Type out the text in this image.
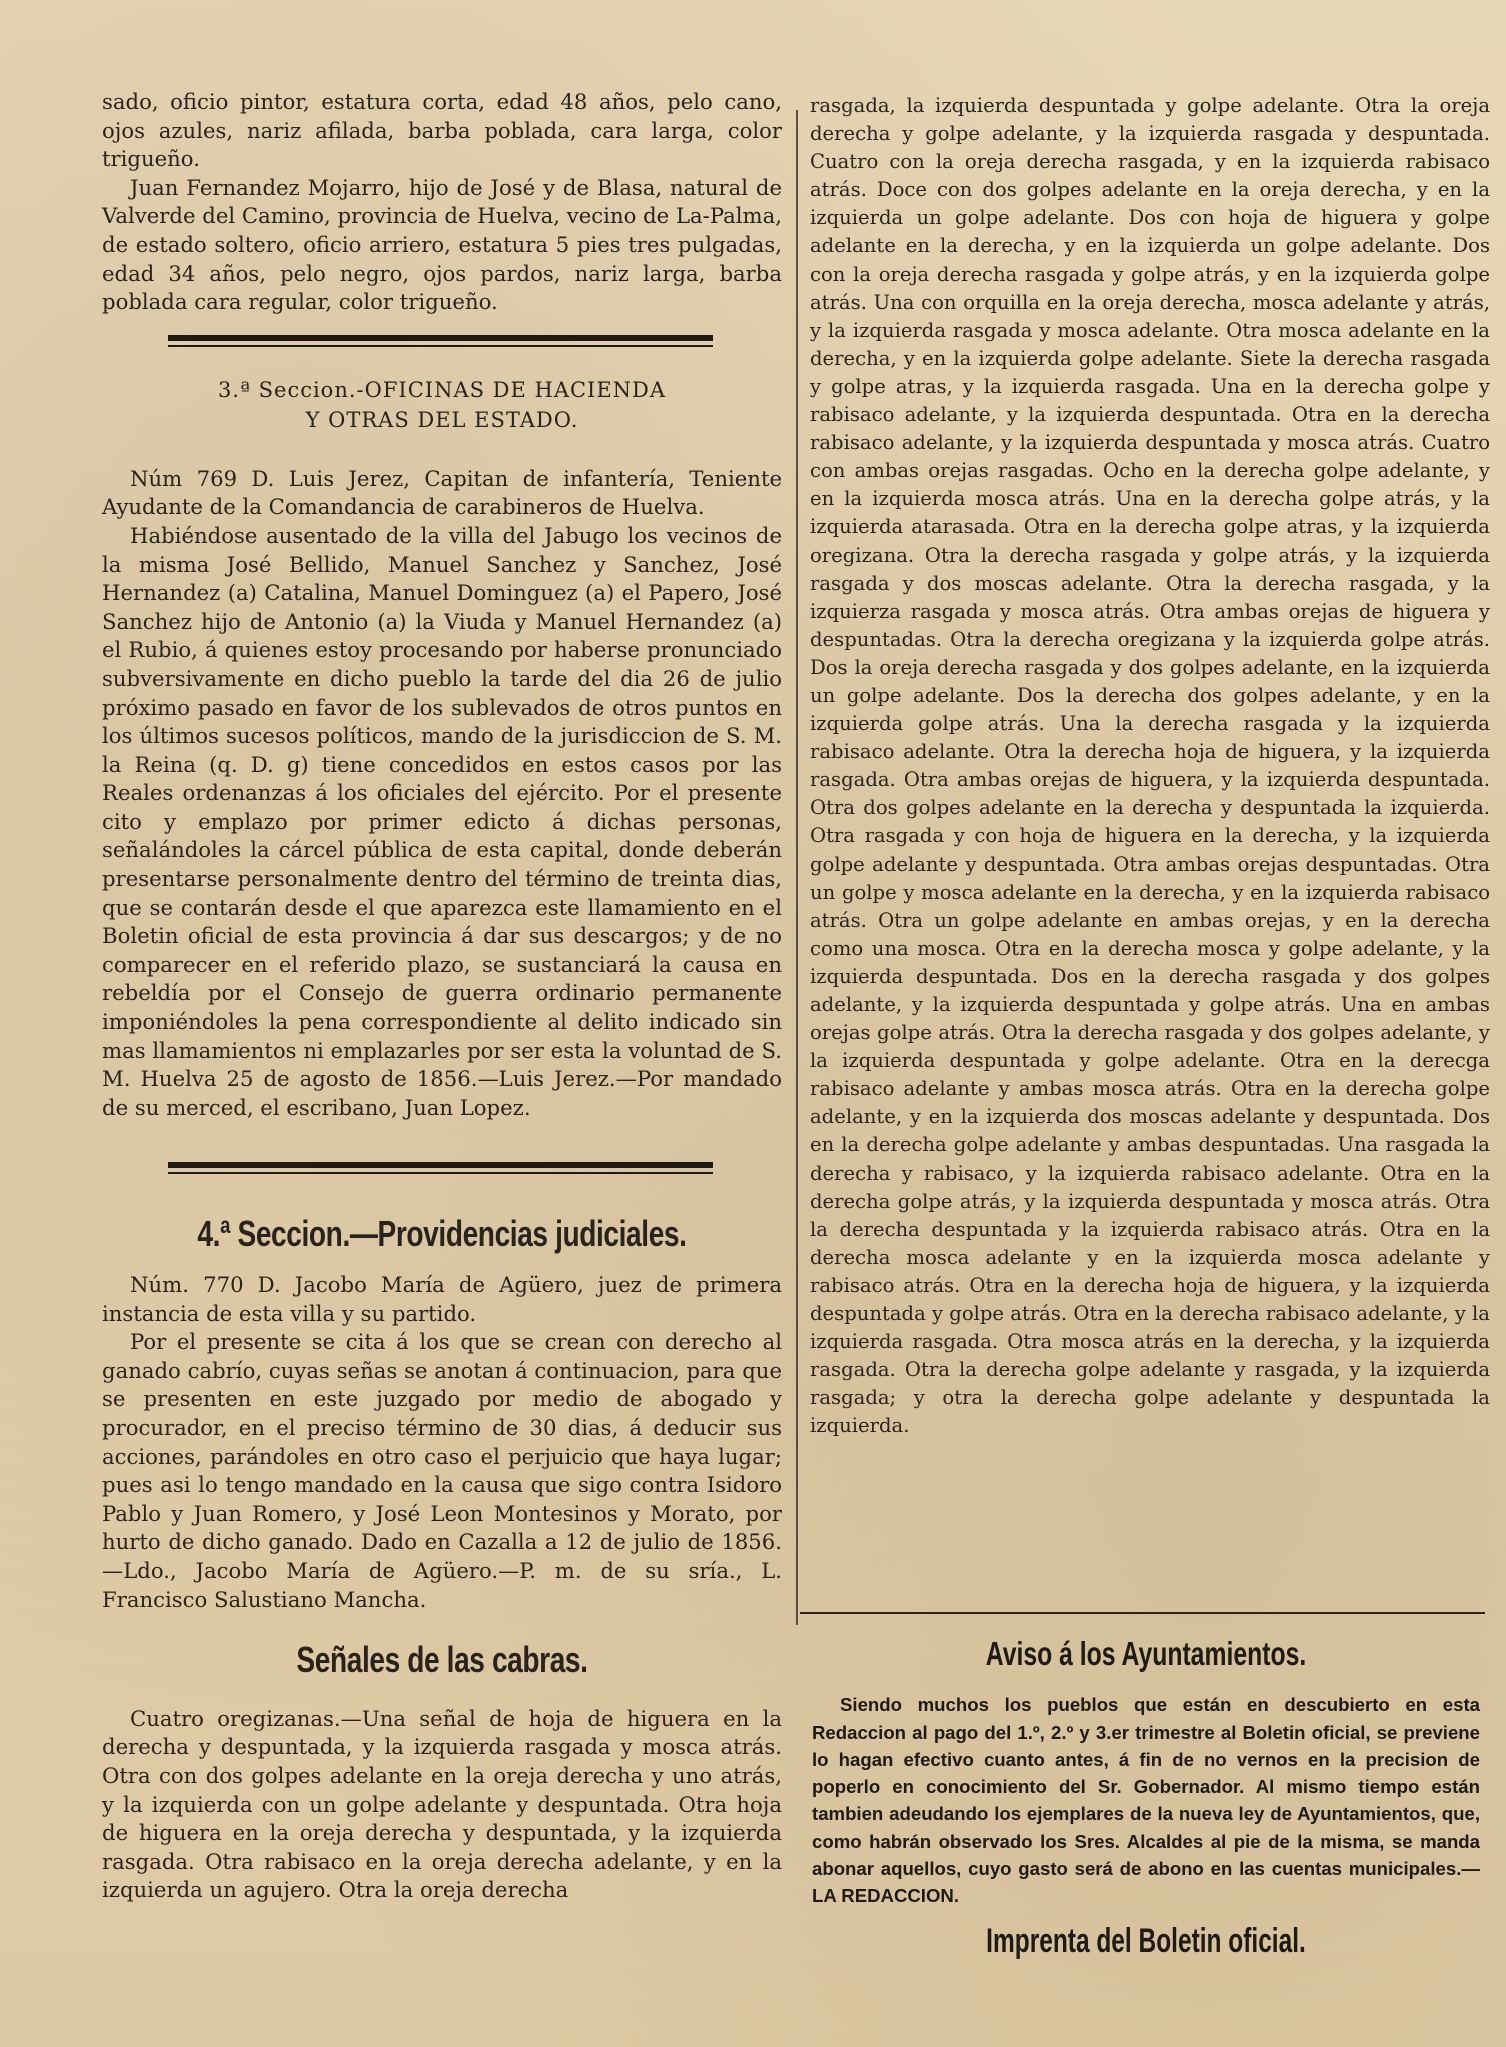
sado, oficio pintor, estatura corta, edad 48 años, pelo cano, ojos azules, nariz afilada, barba poblada, cara larga, color trigueño.

Juan Fernandez Mojarro, hijo de José y de Blasa, natural de Valverde del Camino, provincia de Huelva, vecino de La-Palma, de estado soltero, oficio arriero, estatura 5 pies tres pulgadas, edad 34 años, pelo negro, ojos pardos, nariz larga, barba poblada cara regular, color trigueño.

3.ª Seccion.-OFICINAS DE HACIENDA
Y OTRAS DEL ESTADO.

Núm 769 D. Luis Jerez, Capitan de infantería, Teniente Ayudante de la Comandancia de carabineros de Huelva.

Habiéndose ausentado de la villa del Jabugo los vecinos de la misma José Bellido, Manuel Sanchez y Sanchez, José Hernandez (a) Catalina, Manuel Dominguez (a) el Papero, José Sanchez hijo de Antonio (a) la Viuda y Manuel Hernandez (a) el Rubio, á quienes estoy procesando por haberse pronunciado subversivamente en dicho pueblo la tarde del dia 26 de julio próximo pasado en favor de los sublevados de otros puntos en los últimos sucesos políticos, mando de la jurisdiccion de S. M. la Reina (q. D. g) tiene concedidos en estos casos por las Reales ordenanzas á los oficiales del ejército. Por el presente cito y emplazo por primer edicto á dichas personas, señalándoles la cárcel pública de esta capital, donde deberán presentarse personalmente dentro del término de treinta dias, que se contarán desde el que aparezca este llamamiento en el Boletin oficial de esta provincia á dar sus descargos; y de no comparecer en el referido plazo, se sustanciará la causa en rebeldía por el Consejo de guerra ordinario permanente imponiéndoles la pena correspondiente al delito indicado sin mas llamamientos ni emplazarles por ser esta la voluntad de S. M. Huelva 25 de agosto de 1856.—Luis Jerez.—Por mandado de su merced, el escribano, Juan Lopez.

4.ª Seccion.—Providencias judiciales.

Núm. 770 D. Jacobo María de Agüero, juez de primera instancia de esta villa y su partido.

Por el presente se cita á los que se crean con derecho al ganado cabrío, cuyas señas se anotan á continuacion, para que se presenten en este juzgado por medio de abogado y procurador, en el preciso término de 30 dias, á deducir sus acciones, parándoles en otro caso el perjuicio que haya lugar; pues asi lo tengo mandado en la causa que sigo contra Isidoro Pablo y Juan Romero, y José Leon Montesinos y Morato, por hurto de dicho ganado. Dado en Cazalla a 12 de julio de 1856.—Ldo., Jacobo María de Agüero.—P. m. de su sría., L. Francisco Salustiano Mancha.

Señales de las cabras.

Cuatro oregizanas.—Una señal de hoja de higuera en la derecha y despuntada, y la izquierda rasgada y mosca atrás. Otra con dos golpes adelante en la oreja derecha y uno atrás, y la izquierda con un golpe adelante y despuntada. Otra hoja de higuera en la oreja derecha y despuntada, y la izquierda rasgada. Otra rabisaco en la oreja derecha adelante, y en la izquierda un agujero. Otra la oreja derecha

rasgada, la izquierda despuntada y golpe adelante. Otra la oreja derecha y golpe adelante, y la izquierda rasgada y despuntada. Cuatro con la oreja derecha rasgada, y en la izquierda rabisaco atrás. Doce con dos golpes adelante en la oreja derecha, y en la izquierda un golpe adelante. Dos con hoja de higuera y golpe adelante en la derecha, y en la izquierda un golpe adelante. Dos con la oreja derecha rasgada y golpe atrás, y en la izquierda golpe atrás. Una con orquilla en la oreja derecha, mosca adelante y atrás, y la izquierda rasgada y mosca adelante. Otra mosca adelante en la derecha, y en la izquierda golpe adelante. Siete la derecha rasgada y golpe atras, y la izquierda rasgada. Una en la derecha golpe y rabisaco adelante, y la izquierda despuntada. Otra en la derecha rabisaco adelante, y la izquierda despuntada y mosca atrás. Cuatro con ambas orejas rasgadas. Ocho en la derecha golpe adelante, y en la izquierda mosca atrás. Una en la derecha golpe atrás, y la izquierda atarasada. Otra en la derecha golpe atras, y la izquierda oregizana. Otra la derecha rasgada y golpe atrás, y la izquierda rasgada y dos moscas adelante. Otra la derecha rasgada, y la izquierza rasgada y mosca atrás. Otra ambas orejas de higuera y despuntadas. Otra la derecha oregizana y la izquierda golpe atrás. Dos la oreja derecha rasgada y dos golpes adelante, en la izquierda un golpe adelante. Dos la derecha dos golpes adelante, y en la izquierda golpe atrás. Una la derecha rasgada y la izquierda rabisaco adelante. Otra la derecha hoja de higuera, y la izquierda rasgada. Otra ambas orejas de higuera, y la izquierda despuntada. Otra dos golpes adelante en la derecha y despuntada la izquierda. Otra rasgada y con hoja de higuera en la derecha, y la izquierda golpe adelante y despuntada. Otra ambas orejas despuntadas. Otra un golpe y mosca adelante en la derecha, y en la izquierda rabisaco atrás. Otra un golpe adelante en ambas orejas, y en la derecha como una mosca. Otra en la derecha mosca y golpe adelante, y la izquierda despuntada. Dos en la derecha rasgada y dos golpes adelante, y la izquierda despuntada y golpe atrás. Una en ambas orejas golpe atrás. Otra la derecha rasgada y dos golpes adelante, y la izquierda despuntada y golpe adelante. Otra en la derecga rabisaco adelante y ambas mosca atrás. Otra en la derecha golpe adelante, y en la izquierda dos moscas adelante y despuntada. Dos en la derecha golpe adelante y ambas despuntadas. Una rasgada la derecha y rabisaco, y la izquierda rabisaco adelante. Otra en la derecha golpe atrás, y la izquierda despuntada y mosca atrás. Otra la derecha despuntada y la izquierda rabisaco atrás. Otra en la derecha mosca adelante y en la izquierda mosca adelante y rabisaco atrás. Otra en la derecha hoja de higuera, y la izquierda despuntada y golpe atrás. Otra en la derecha rabisaco adelante, y la izquierda rasgada. Otra mosca atrás en la derecha, y la izquierda rasgada. Otra la derecha golpe adelante y rasgada, y la izquierda rasgada; y otra la derecha golpe adelante y despuntada la izquierda.

Aviso á los Ayuntamientos.

Siendo muchos los pueblos que están en descubierto en esta Redaccion al pago del 1.º, 2.º y 3.er trimestre al Boletin oficial, se previene lo hagan efectivo cuanto antes, á fin de no vernos en la precision de poperlo en conocimiento del Sr. Gobernador. Al mismo tiempo están tambien adeudando los ejemplares de la nueva ley de Ayuntamientos, que, como habrán observado los Sres. Alcaldes al pie de la misma, se manda abonar aquellos, cuyo gasto será de abono en las cuentas municipales.—LA REDACCION.

Imprenta del Boletin oficial.
